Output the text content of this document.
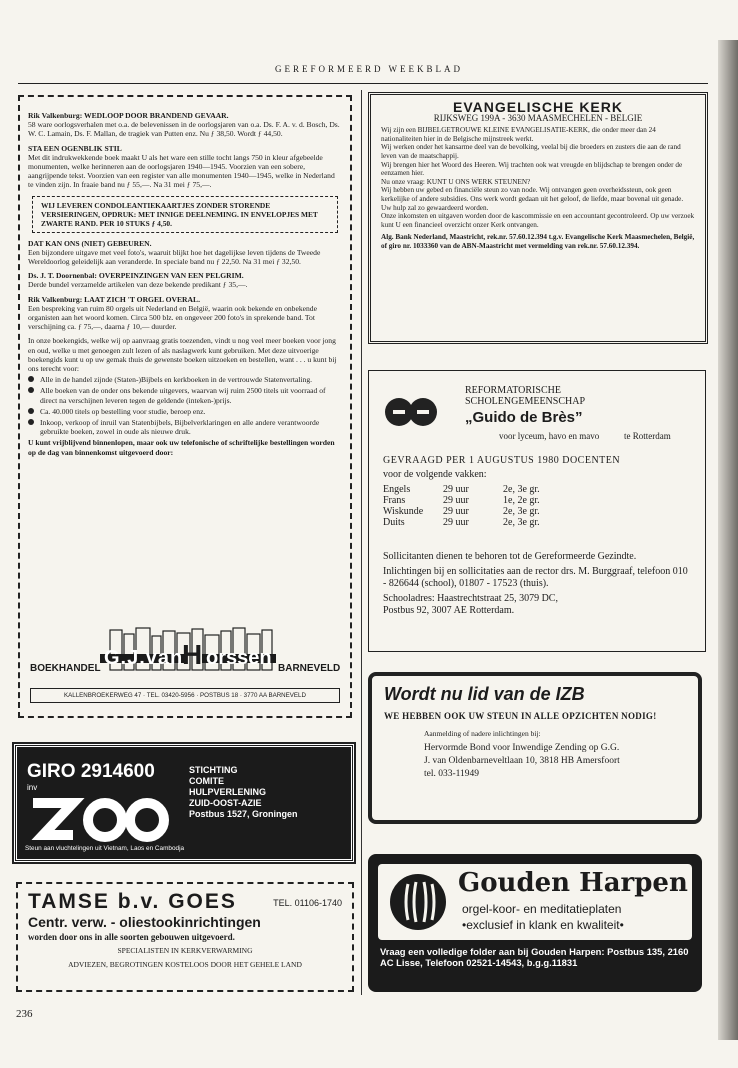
GEREFORMEERD WEEKBLAD

Rik Valkenburg: WEDLOOP DOOR BRANDEND GEVAAR.

58 ware oorlogsverhalen met o.a. de belevenissen in de oorlogsjaren van o.a. Ds. F. A. v. d. Bosch, Ds. W. C. Lamain, Ds. F. Mallan, de tragiek van Putten enz. Nu ƒ 38,50. Wordt ƒ 44,50.

STA EEN OGENBLIK STIL

Met dit indrukwekkende boek maakt U als het ware een stille tocht langs 750 in kleur afgebeelde monumenten, welke herinneren aan de oorlogsjaren 1940—1945. Voorzien van een sobere, aangrijpende tekst. Voorzien van een register van alle monumenten 1940—1945, welke in Nederland te vinden zijn. In fraaie band nu ƒ 55,—. Na 31 mei ƒ 75,—.

WIJ LEVEREN CONDOLEANTIEKAARTJES ZONDER STORENDE VERSIERINGEN, OPDRUK: MET INNIGE DEELNEMING. IN ENVELOPJES MET ZWARTE RAND. PER 10 STUKS ƒ 4,50.

DAT KAN ONS (NIET) GEBEUREN.

Een bijzondere uitgave met veel foto's, waaruit blijkt hoe het dagelijkse leven tijdens de Tweede Wereldoorlog geleidelijk aan veranderde. In speciale band nu ƒ 22,50. Na 31 mei ƒ 32,50.

Ds. J. T. Doornenbal: OVERPEINZINGEN VAN EEN PELGRIM.

Derde bundel verzamelde artikelen van deze bekende predikant ƒ 35,—.

Rik Valkenburg: LAAT ZICH 'T ORGEL OVERAL.

Een bespreking van ruim 80 orgels uit Nederland en België, waarin ook bekende en onbekende organisten aan het woord komen. Circa 500 blz. en ongeveer 200 foto's in sprekende band. Tot verschijning ca. ƒ 75,—, daarna ƒ 10,— duurder.

In onze boekengids, welke wij op aanvraag gratis toezenden, vindt u nog veel meer boeken voor jong en oud, welke u met genoegen zult lezen of als naslagwerk kunt gebruiken. Met deze uitvoerige boekengids kunt u op uw gemak thuis de gewenste boeken uitzoeken en bestellen, want . . . u kunt bij ons terecht voor:

Alle in de handel zijnde (Staten-)Bijbels en kerkboeken in de vertrouwde Statenvertaling.
Alle boeken van de onder ons bekende uitgevers, waarvan wij ruim 2500 titels uit voorraad of direct na verschijnen leveren tegen de geldende (inteken-)prijs.
Ca. 40.000 titels op bestelling voor studie, beroep enz.
Inkoop, verkoop of inruil van Statenbijbels, Bijbelverklaringen en alle andere verantwoorde gebruikte boeken, zowel in oude als nieuwe druk.

U kunt vrijblijvend binnenlopen, maar ook uw telefonische of schriftelijke bestellingen worden op de dag van binnenkomst uitgevoerd door:

BOEKHANDEL G.J.van
H orssen BARNEVELD
KALLENBROEKERWEG 47 · TEL. 03420-5956 · POSTBUS 18 · 3770 AA BARNEVELD
GIRO 2914600
inv
STICHTING
COMITE
HULPVERLENING
ZUID-OOST-AZIE
Postbus 1527, Groningen
Steun aan vluchtelingen uit Vietnam, Laos en Cambodja
TAMSE b.v. GOES	TEL. 01106-1740
Centr. verw. - oliestookinrichtingen
worden door ons in alle soorten gebouwen uitgevoerd.
SPECIALISTEN IN KERKVERWARMING
ADVIEZEN, BEGROTINGEN KOSTELOOS DOOR HET GEHELE LAND
EVANGELISCHE KERK
RIJKSWEG 199A - 3630 MAASMECHELEN - BELGIE

Wij zijn een BIJBELGETROUWE KLEINE EVANGELISATIE-KERK, die onder meer dan 24 nationaliteiten hier in de Belgische mijnstreek werkt.

Wij werken onder het kansarme deel van de bevolking, veelal bij die broeders en zusters die aan de rand leven van de maatschappij.

Wij brengen hier het Woord des Heeren. Wij trachten ook wat vreugde en blijdschap te brengen onder de eenzamen hier.

Nu onze vraag: KUNT U ONS WERK STEUNEN?

Wij hebben uw gebed en financiële steun zo van node. Wij ontvangen geen overheidssteun, ook geen kerkelijke of andere subsidies. Ons werk wordt gedaan uit het geloof, de liefde, maar bovenal uit genade.

Uw hulp zal zo gewaardeerd worden.

Onze inkomsten en uitgaven worden door de kascommissie en een accountant gecontroleerd. Op uw verzoek kunt U een financieel overzicht onzer Kerk ontvangen.

Alg. Bank Nederland, Maastricht, rek.nr. 57.60.12.394 t.g.v. Evangelische Kerk Maasmechelen, België, of giro nr. 1033360 van de ABN-Maastricht met vermelding van rek.nr. 57.60.12.394.

REFORMATORISCHE
SCHOLENGEMEENSCHAP
„Guido de Brès”
voor lyceum, havo en mavo	te Rotterdam
GEVRAAGD PER 1 AUGUSTUS 1980 DOCENTEN
voor de volgende vakken:
Engels	29 uur	2e, 3e gr.
Frans	29 uur	1e, 2e gr.
Wiskunde	29 uur	2e, 3e gr.
Duits	29 uur	2e, 3e gr.

Sollicitanten dienen te behoren tot de Gereformeerde Gezindte.

Inlichtingen bij en sollicitaties aan de rector drs. M. Burggraaf, telefoon 010 - 826644 (school), 01807 - 17523 (thuis).

Schooladres: Haastrechtstraat 25, 3079 DC,

Postbus 92, 3007 AE Rotterdam.

Wordt nu lid van de IZB
WE HEBBEN OOK UW STEUN IN ALLE OPZICHTEN NODIG!
Aanmelding of nadere inlichtingen bij:
Hervormde Bond voor Inwendige Zending op G.G.
J. van Oldenbarneveltlaan 10, 3818 HB Amersfoort
tel. 033-11949
Gouden Harpen
orgel-koor- en meditatieplaten
•exclusief in klank en kwaliteit•
Vraag een volledige folder aan bij Gouden Harpen: Postbus 135, 2160 AC Lisse, Telefoon 02521-14543, b.g.g.11831
236
